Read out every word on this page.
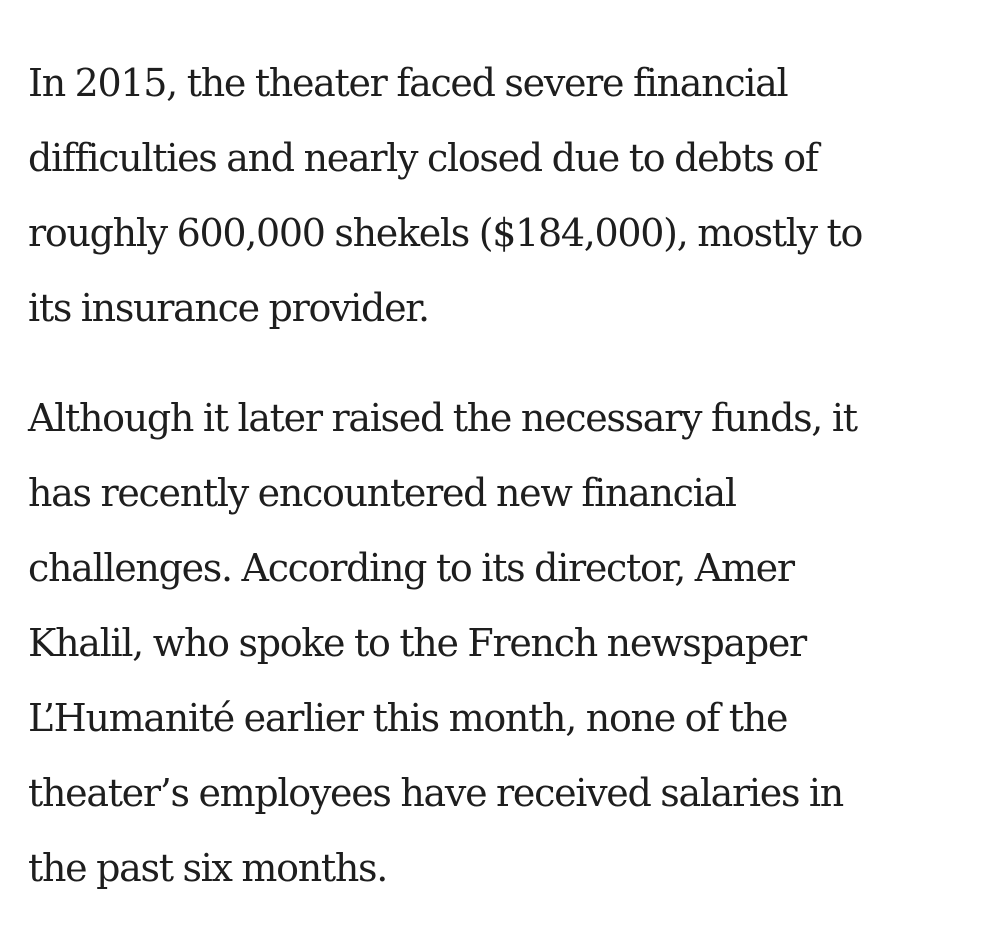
In 2015, the theater faced severe financial
difficulties and nearly closed due to debts of
roughly 600,000 shekels ($184,000), mostly to
its insurance provider.

Although it later raised the necessary funds, it
has recently encountered new financial
challenges. According to its director, Amer
Khalil, who spoke to the French newspaper
L’Humanité earlier this month, none of the
theater’s employees have received salaries in
the past six months.
